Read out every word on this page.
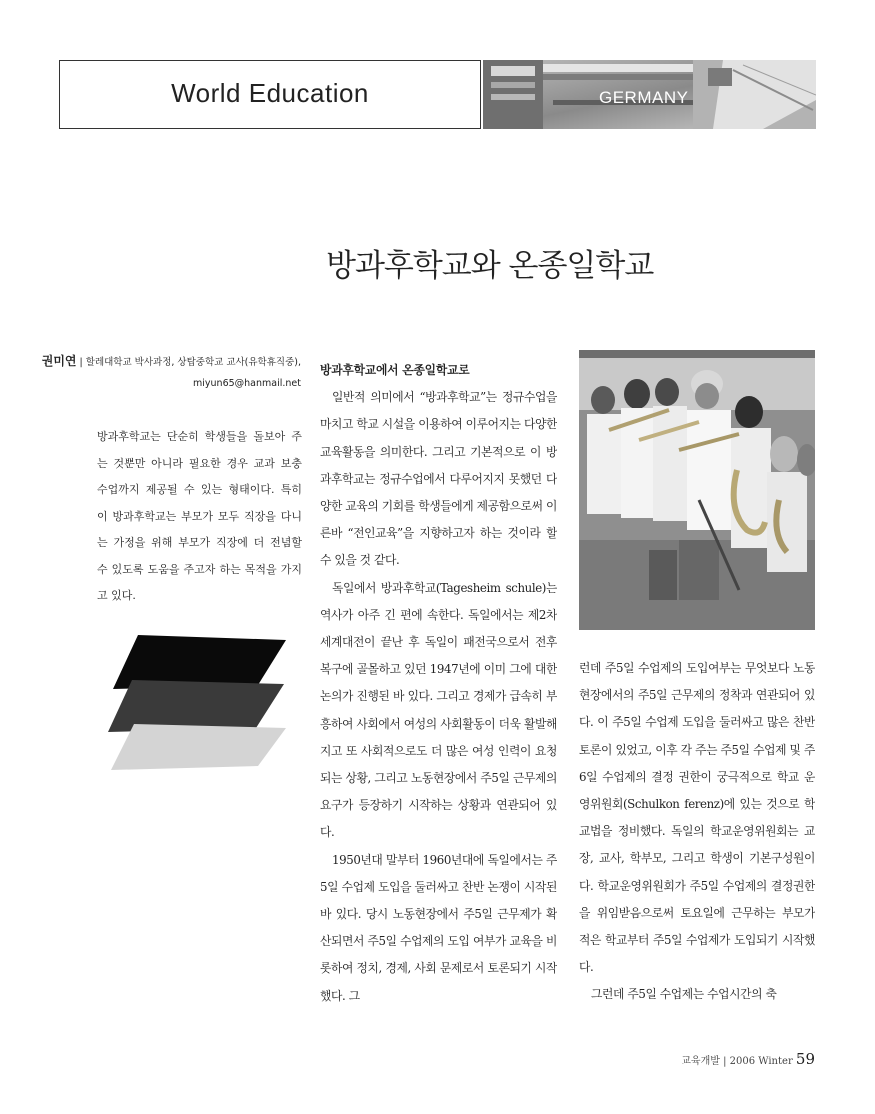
World Education	GERMANY
방과후학교와 온종일학교
권미연 | 할레대학교 박사과정, 상탑중학교 교사(유학휴직중),
miyun65@hanmail.net
방과후학교는 단순히 학생들을 돌보아 주는 것뿐만 아니라 필요한 경우 교과 보충 수업까지 제공될 수 있는 형태이다. 특히 이 방과후학교는 부모가 모두 직장을 다니는 가정을 위해 부모가 직장에 더 전념할 수 있도록 도움을 주고자 하는 목적을 가지고 있다.

방과후학교에서 온종일학교로

일반적 의미에서 “방과후학교”는 정규수업을 마치고 학교 시설을 이용하여 이루어지는 다양한 교육활동을 의미한다. 그리고 기본적으로 이 방과후학교는 정규수업에서 다루어지지 못했던 다양한 교육의 기회를 학생들에게 제공함으로써 이른바 “전인교육”을 지향하고자 하는 것이라 할 수 있을 것 같다.

독일에서 방과후학교(Tagesheim schule)는 역사가 아주 긴 편에 속한다. 독일에서는 제2차 세계대전이 끝난 후 독일이 패전국으로서 전후 복구에 골몰하고 있던 1947년에 이미 그에 대한 논의가 진행된 바 있다. 그리고 경제가 급속히 부흥하여 사회에서 여성의 사회활동이 더욱 활발해지고 또 사회적으로도 더 많은 여성 인력이 요청되는 상황, 그리고 노동현장에서 주5일 근무제의 요구가 등장하기 시작하는 상황과 연관되어 있다.

1950년대 말부터 1960년대에 독일에서는 주5일 수업제 도입을 둘러싸고 찬반 논쟁이 시작된 바 있다. 당시 노동현장에서 주5일 근무제가 확산되면서 주5일 수업제의 도입 여부가 교육을 비롯하여 정치, 경제, 사회 문제로서 토론되기 시작했다. 그

런데 주5일 수업제의 도입여부는 무엇보다 노동현장에서의 주5일 근무제의 정착과 연관되어 있다. 이 주5일 수업제 도입을 둘러싸고 많은 찬반 토론이 있었고, 이후 각 주는 주5일 수업제 및 주6일 수업제의 결정 권한이 궁극적으로 학교 운영위원회(Schulkon ferenz)에 있는 것으로 학교법을 정비했다. 독일의 학교운영위원회는 교장, 교사, 학부모, 그리고 학생이 기본구성원이다. 학교운영위원회가 주5일 수업제의 결정권한을 위임받음으로써 토요일에 근무하는 부모가 적은 학교부터 주5일 수업제가 도입되기 시작했다.

그런데 주5일 수업제는 수업시간의 축

교육개발 | 2006 Winter 59
